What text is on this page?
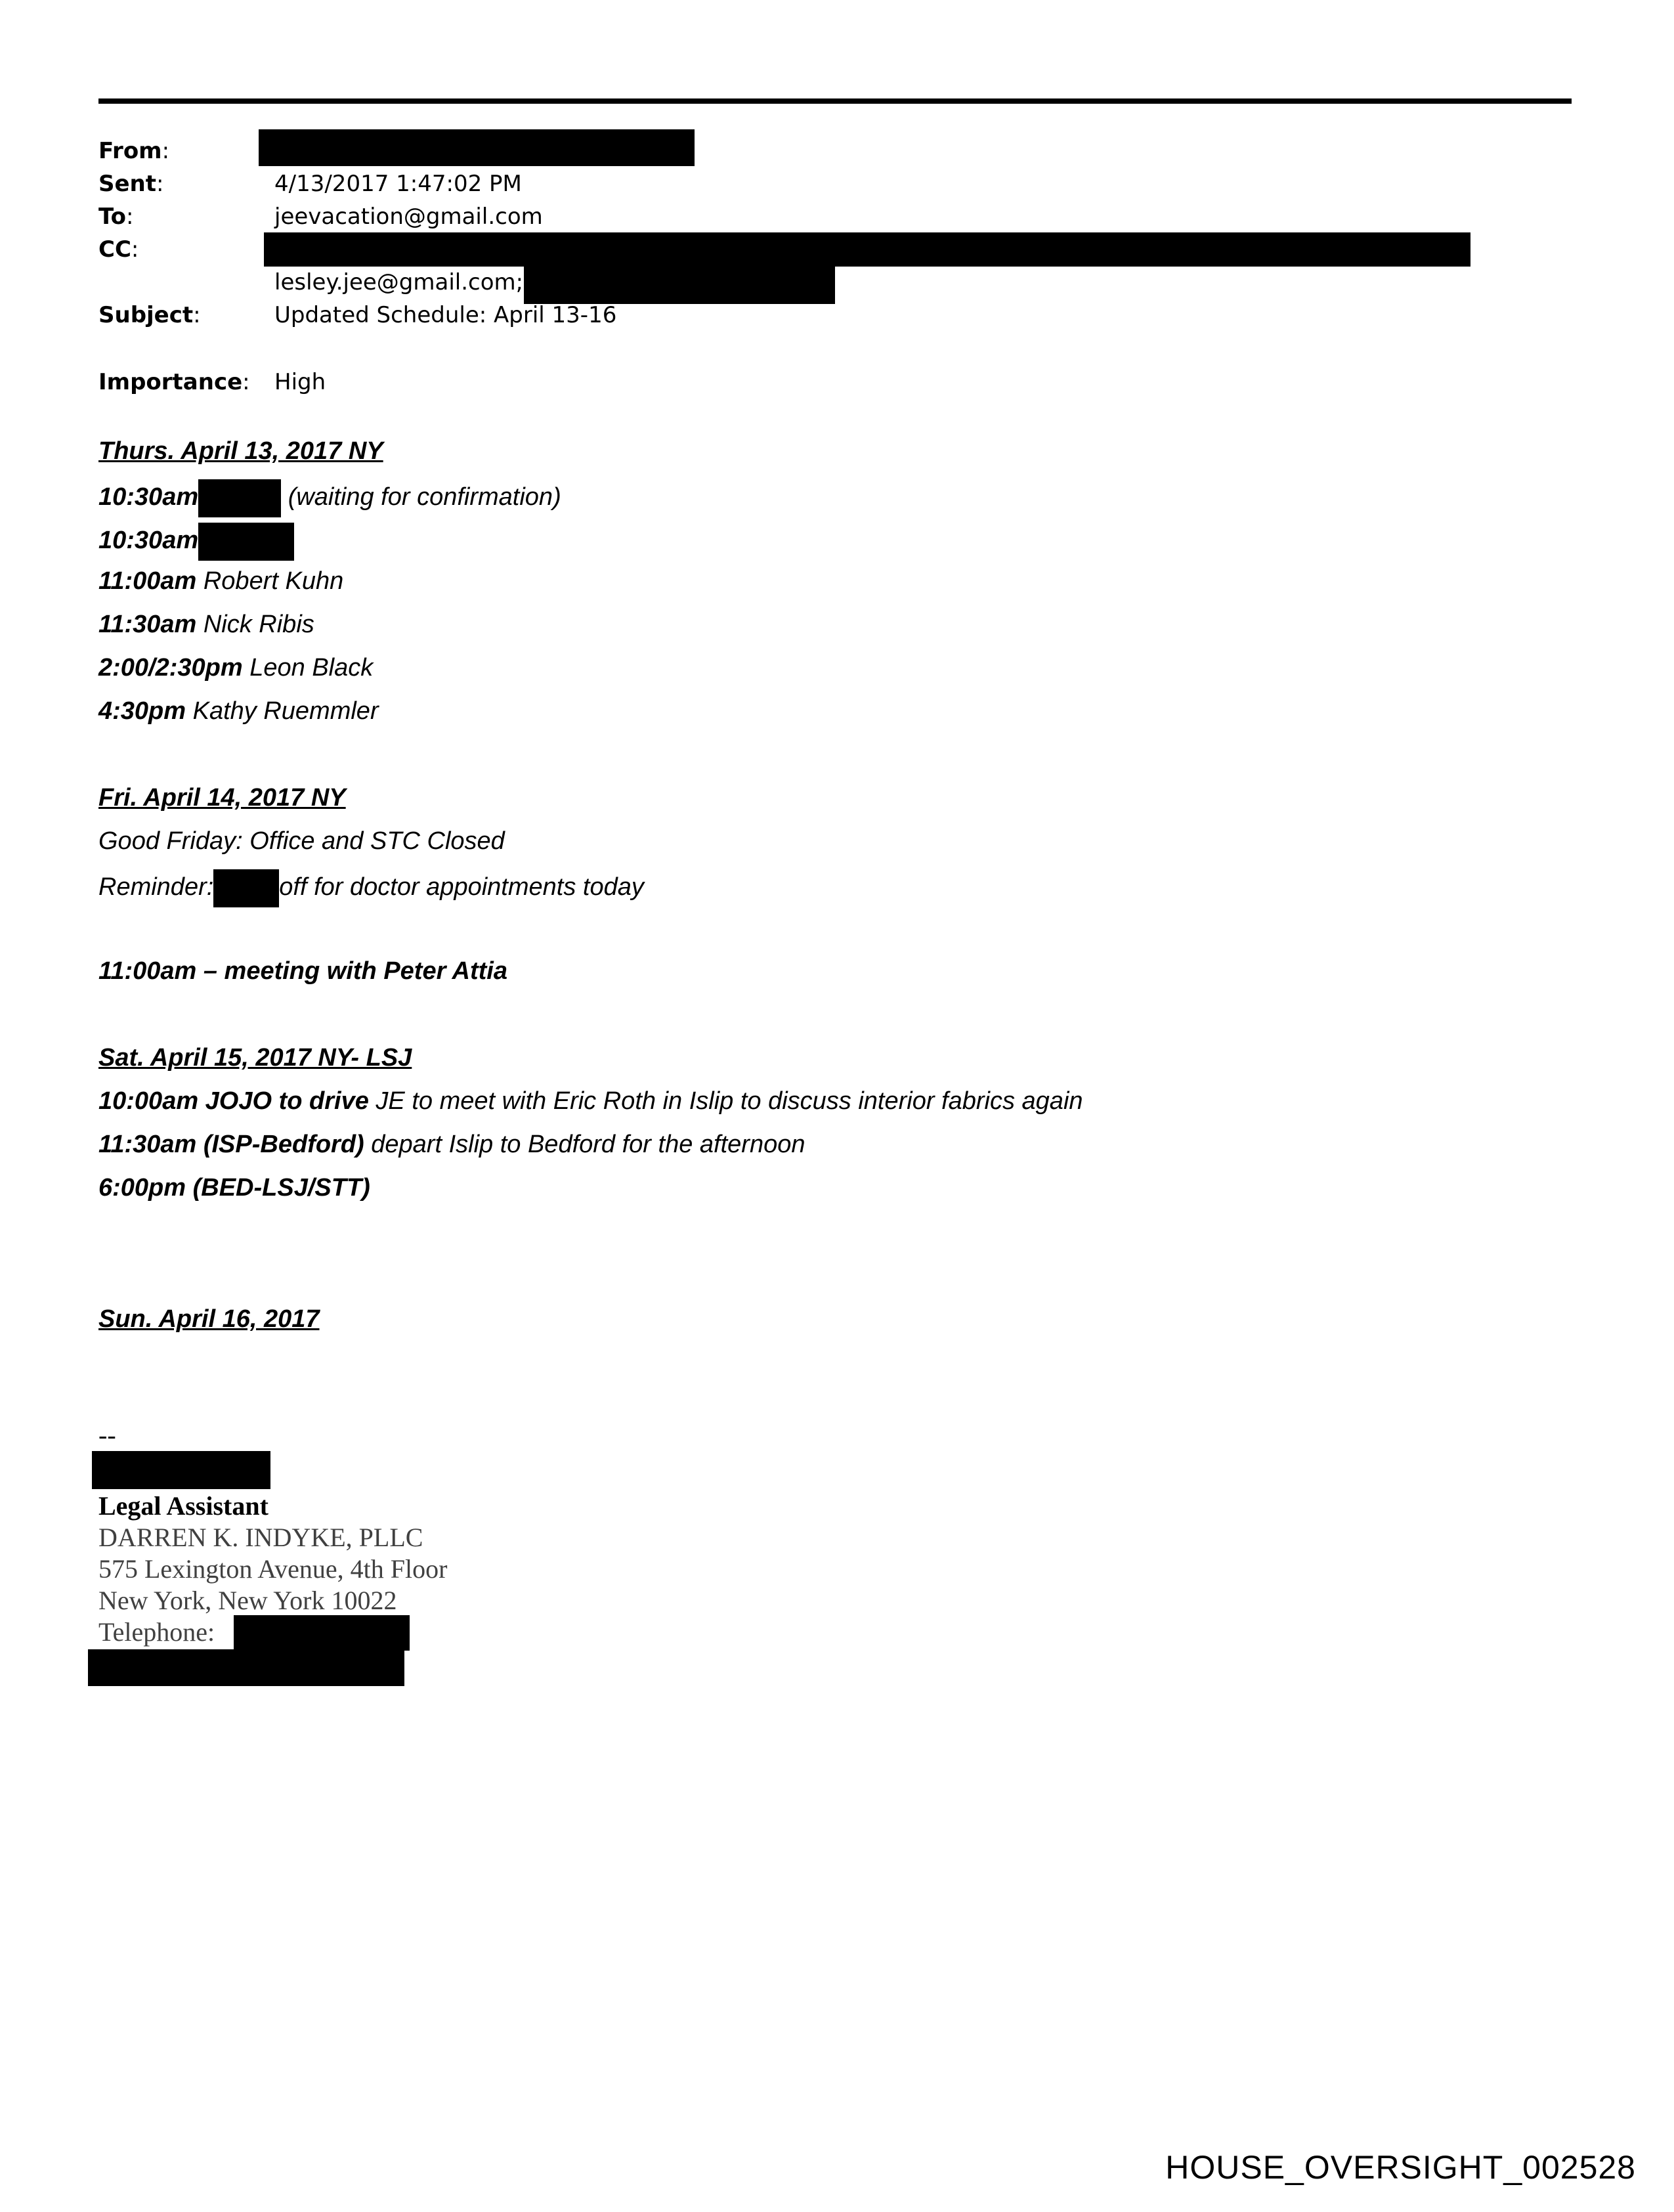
From:
Sent:	4/13/2017 1:47:02 PM
To:	jeevacation@gmail.com
CC:
lesley.jee@gmail.com;
Subject:	Updated Schedule: April 13-16
Importance: High
Thurs. April 13, 2017 NY
10:30am	(waiting for confirmation)
10:30am
11:00am Robert Kuhn
11:30am Nick Ribis
2:00/2:30pm Leon Black
4:30pm Kathy Ruemmler
Fri. April 14, 2017 NY
Good Friday: Office and STC Closed
Reminder:	off for doctor appointments today
11:00am – meeting with Peter Attia
Sat. April 15, 2017 NY- LSJ
10:00am JOJO to drive JE to meet with Eric Roth in Islip to discuss interior fabrics again
11:30am (ISP-Bedford) depart Islip to Bedford for the afternoon
6:00pm (BED-LSJ/STT)
Sun. April 16, 2017
--
Legal Assistant
DARREN K. INDYKE, PLLC
575 Lexington Avenue, 4th Floor
New York, New York 10022
Telephone:
HOUSE_OVERSIGHT_002528
